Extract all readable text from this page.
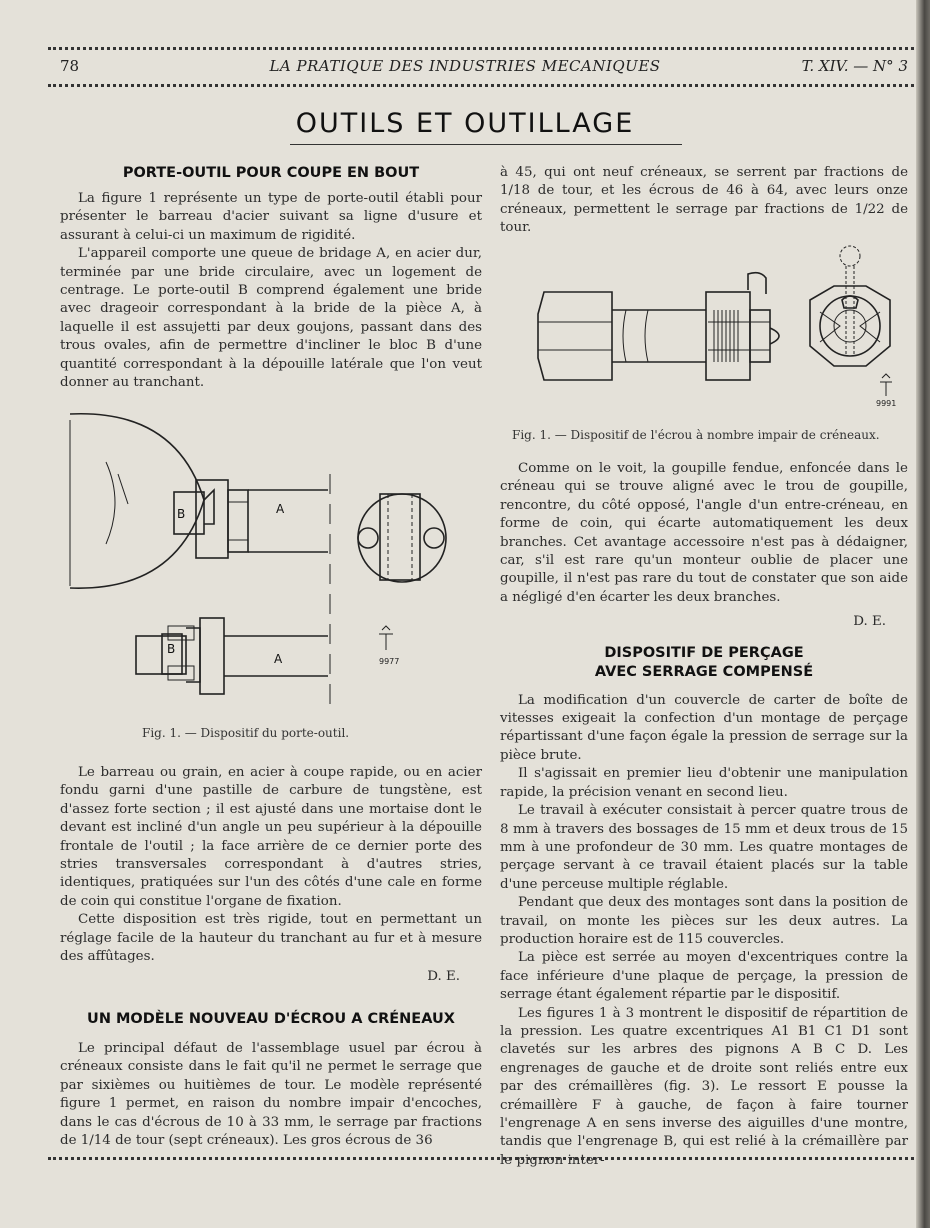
78	LA PRATIQUE DES INDUSTRIES MECANIQUES	T. XIV. — N° 3
OUTILS ET OUTILLAGE
PORTE-OUTIL POUR COUPE EN BOUT

La figure 1 représente un type de porte-outil établi pour présenter le barreau d'acier suivant sa ligne d'usure et assurant à celui-ci un maximum de rigidité.

L'appareil comporte une queue de bridage A, en acier dur, terminée par une bride circulaire, avec un logement de centrage. Le porte-outil B comprend également une bride avec drageoir correspondant à la bride de la pièce A, à laquelle il est assujetti par deux goujons, passant dans des trous ovales, afin de permettre d'incliner le bloc B d'une quantité correspondant à la dépouille latérale que l'on veut donner au tranchant.

B	A
B
A	9977
Fig. 1. — Dispositif du porte-outil.

Le barreau ou grain, en acier à coupe rapide, ou en acier fondu garni d'une pastille de carbure de tungstène, est d'assez forte section ; il est ajusté dans une mortaise dont le devant est incliné d'un angle un peu supérieur à la dépouille frontale de l'outil ; la face arrière de ce dernier porte des stries transversales correspondant à d'autres stries, identiques, pratiquées sur l'un des côtés d'une cale en forme de coin qui constitue l'organe de fixation.

Cette disposition est très rigide, tout en permettant un réglage facile de la hauteur du tranchant au fur et à mesure des affûtages.

D. E.
UN MODÈLE NOUVEAU D'ÉCROU A CRÉNEAUX

Le principal défaut de l'assemblage usuel par écrou à créneaux consiste dans le fait qu'il ne permet le serrage que par sixièmes ou huitièmes de tour. Le modèle représenté figure 1 permet, en raison du nombre impair d'encoches, dans le cas d'écrous de 10 à 33 mm, le serrage par fractions de 1/14 de tour (sept créneaux). Les gros écrous de 36

à 45, qui ont neuf créneaux, se serrent par fractions de 1/18 de tour, et les écrous de 46 à 64, avec leurs onze créneaux, permettent le serrage par fractions de 1/22 de tour.

9991
Fig. 1. — Dispositif de l'écrou à nombre impair de créneaux.

Comme on le voit, la goupille fendue, enfoncée dans le créneau qui se trouve aligné avec le trou de goupille, rencontre, du côté opposé, l'angle d'un entre-créneau, en forme de coin, qui écarte automatiquement les deux branches. Cet avantage accessoire n'est pas à dédaigner, car, s'il est rare qu'un monteur oublie de placer une goupille, il n'est pas rare du tout de constater que son aide a négligé d'en écarter les deux branches.

D. E.
DISPOSITIF DE PERÇAGE
AVEC SERRAGE COMPENSÉ

La modification d'un couvercle de carter de boîte de vitesses exigeait la confection d'un montage de perçage répartissant d'une façon égale la pression de serrage sur la pièce brute.

Il s'agissait en premier lieu d'obtenir une manipulation rapide, la précision venant en second lieu.

Le travail à exécuter consistait à percer quatre trous de 8 mm à travers des bossages de 15 mm et deux trous de 15 mm à une profondeur de 30 mm. Les quatre montages de perçage servant à ce travail étaient placés sur la table d'une perceuse multiple réglable.

Pendant que deux des montages sont dans la position de travail, on monte les pièces sur les deux autres. La production horaire est de 115 couvercles.

La pièce est serrée au moyen d'excentriques contre la face inférieure d'une plaque de perçage, la pression de serrage étant également répartie par le dispositif.

Les figures 1 à 3 montrent le dispositif de répartition de la pression. Les quatre excentriques A1 B1 C1 D1 sont clavetés sur les arbres des pignons A B C D. Les engrenages de gauche et de droite sont reliés entre eux par des crémaillères (fig. 3). Le ressort E pousse la crémaillère F à gauche, de façon à faire tourner l'engrenage A en sens inverse des aiguilles d'une montre, tandis que l'engrenage B, qui est relié à la crémaillère par le pignon inter-
